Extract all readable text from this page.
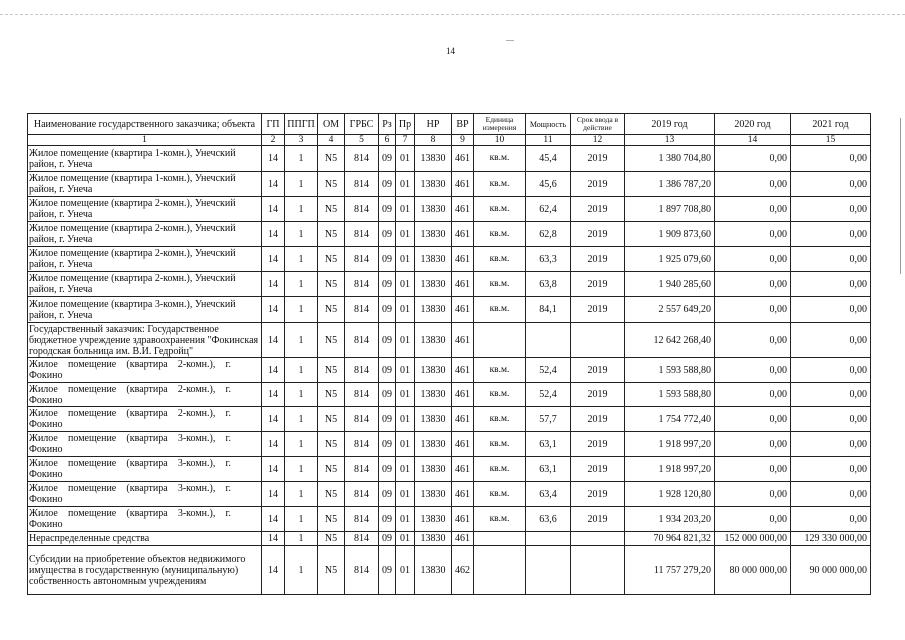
14
Наименование государственного заказчика; объекта	ГП	ППГП	ОМ	ГРБС	Рз	Пр	НР	ВР	Единица измерения	Мощность	Срок ввода в действие	2019 год	2020 год	2021 год
1	2	3	4	5	6	7	8	9	10	11	12	13	14	15
Жилое помещение (квартира 1-комн.), Унечский район, г. Унеча	14	1	N5	814	09	01	13830	461	кв.м.	45,4	2019	1 380 704,80	0,00	0,00
Жилое помещение (квартира 1-комн.), Унечский район, г. Унеча	14	1	N5	814	09	01	13830	461	кв.м.	45,6	2019	1 386 787,20	0,00	0,00
Жилое помещение (квартира 2-комн.), Унечский район, г. Унеча	14	1	N5	814	09	01	13830	461	кв.м.	62,4	2019	1 897 708,80	0,00	0,00
Жилое помещение (квартира 2-комн.), Унечский район, г. Унеча	14	1	N5	814	09	01	13830	461	кв.м.	62,8	2019	1 909 873,60	0,00	0,00
Жилое помещение (квартира 2-комн.), Унечский район, г. Унеча	14	1	N5	814	09	01	13830	461	кв.м.	63,3	2019	1 925 079,60	0,00	0,00
Жилое помещение (квартира 2-комн.), Унечский район, г. Унеча	14	1	N5	814	09	01	13830	461	кв.м.	63,8	2019	1 940 285,60	0,00	0,00
Жилое помещение (квартира 3-комн.), Унечский район, г. Унеча	14	1	N5	814	09	01	13830	461	кв.м.	84,1	2019	2 557 649,20	0,00	0,00
Государственный заказчик: Государственное бюджетное учреждение здравоохранения "Фокинская городская больница им. В.И. Гедройц"	14	1	N5	814	09	01	13830	461				12 642 268,40	0,00	0,00
Жилое помещение (квартира 2-комн.), г. Фокино	14	1	N5	814	09	01	13830	461	кв.м.	52,4	2019	1 593 588,80	0,00	0,00
Жилое помещение (квартира 2-комн.), г. Фокино	14	1	N5	814	09	01	13830	461	кв.м.	52,4	2019	1 593 588,80	0,00	0,00
Жилое помещение (квартира 2-комн.), г. Фокино	14	1	N5	814	09	01	13830	461	кв.м.	57,7	2019	1 754 772,40	0,00	0,00
Жилое помещение (квартира 3-комн.), г. Фокино	14	1	N5	814	09	01	13830	461	кв.м.	63,1	2019	1 918 997,20	0,00	0,00
Жилое помещение (квартира 3-комн.), г. Фокино	14	1	N5	814	09	01	13830	461	кв.м.	63,1	2019	1 918 997,20	0,00	0,00
Жилое помещение (квартира 3-комн.), г. Фокино	14	1	N5	814	09	01	13830	461	кв.м.	63,4	2019	1 928 120,80	0,00	0,00
Жилое помещение (квартира 3-комн.), г. Фокино	14	1	N5	814	09	01	13830	461	кв.м.	63,6	2019	1 934 203,20	0,00	0,00
Нераспределенные средства	14	1	N5	814	09	01	13830	461				70 964 821,32	152 000 000,00	129 330 000,00
Субсидии на приобретение объектов недвижимого имущества в государственную (муниципальную) собственность автономным учреждениям	14	1	N5	814	09	01	13830	462				11 757 279,20	80 000 000,00	90 000 000,00
